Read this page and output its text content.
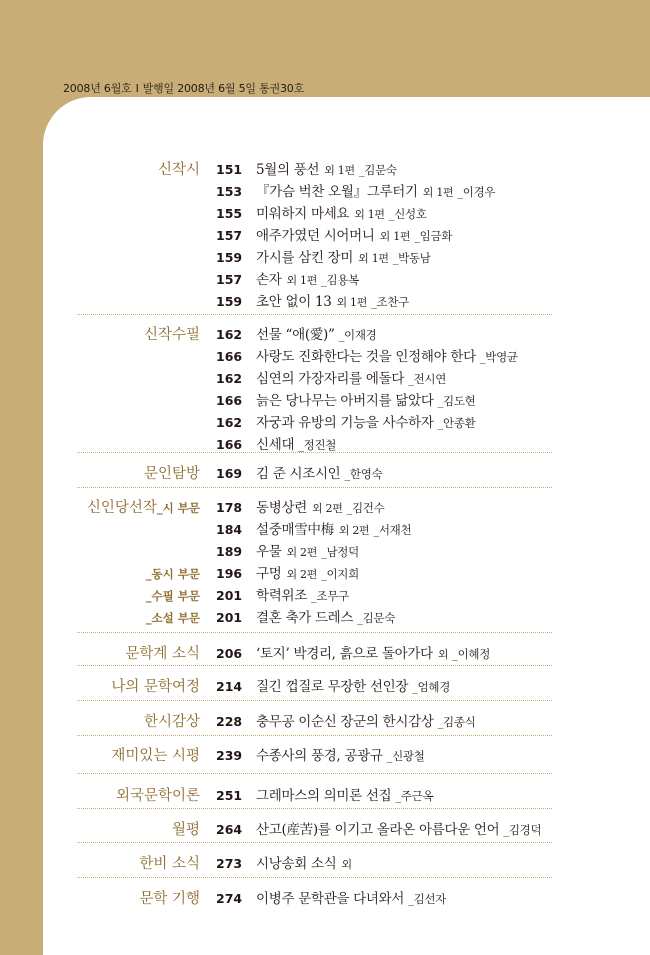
2008년 6월호 I 발행일 2008년 6월 5일 통권30호
신작시 151 5월의 풍선 외 1편 _김문숙
153 『가슴 벅찬 오월』그루터기 외 1편 _이경우
155 미워하지 마세요 외 1편 _신성호
157 애주가였던 시어머니 외 1편 _임금화
159 가시를 삼킨 장미 외 1편 _박동남
157 손자 외 1편 _김용복
159 초안 없이 13 외 1편 _조찬구
신작수필 162 선물 “애(愛)” _이재경
166 사랑도 진화한다는 것을 인정해야 한다 _박영균
162 심연의 가장자리를 에돌다 _전시연
166 늙은 당나무는 아버지를 닮았다 _김도현
162 자궁과 유방의 기능을 사수하자 _안종환
166 신세대 _정진철
문인탐방 169 김 준 시조시인 _한영숙
신인당선작_시 부문 178 동병상련 외 2편 _김건수
184 설중매雪中梅 외 2편 _서재천
189 우물 외 2편 _남정덕
_동시 부문 196 구멍 외 2편 _이지희
_수필 부문 201 학력위조 _조무구
_소설 부문 201 결혼 축가 드레스 _김문숙
문학계 소식 206 ‘토지’ 박경리, 흙으로 돌아가다 외 _이혜정
나의 문학여정 214 질긴 껍질로 무장한 선인장 _엄혜경
한시감상 228 충무공 이순신 장군의 한시감상 _김종식
재미있는 시평 239 수종사의 풍경, 공광규 _신광철
외국문학이론 251 그레마스의 의미론 선집 _주근옥
월평 264 산고(産苦)를 이기고 올라온 아름다운 언어 _김경덕
한비 소식 273 시낭송회 소식 외
문학 기행 274 이병주 문학관을 다녀와서 _김선자
